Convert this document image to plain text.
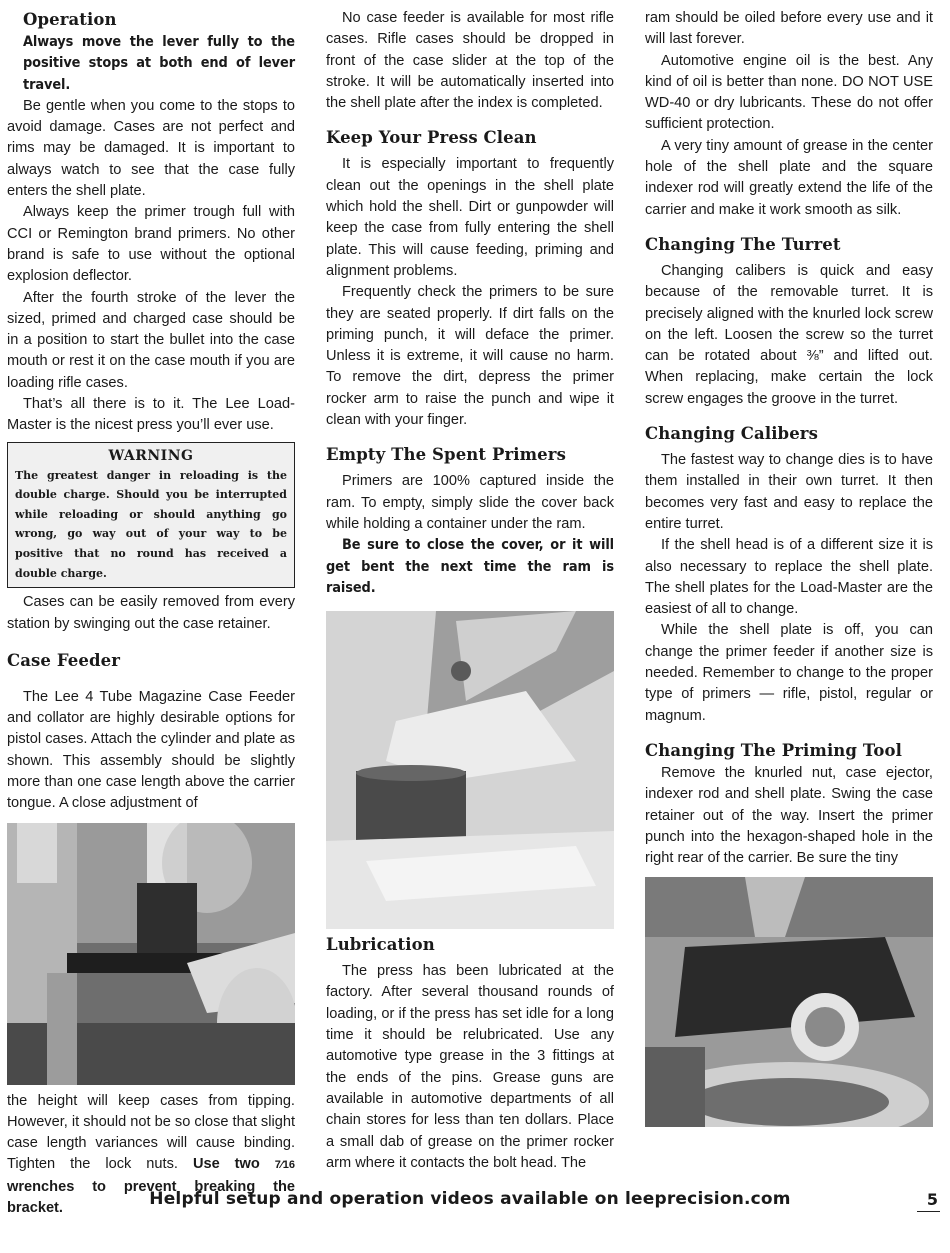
Operation

Always move the lever fully to the positive stops at both end of lever travel.

Be gentle when you come to the stops to avoid damage. Cases are not perfect and rims may be damaged. It is important to always watch to see that the case fully enters the shell plate.

Always keep the primer trough full with CCI or Remington brand primers. No other brand is safe to use without the optional explosion deflector.

After the fourth stroke of the lever the sized, primed and charged case should be in a position to start the bullet into the case mouth or rest it on the case mouth if you are loading rifle cases.

That’s all there is to it. The Lee Load-Master is the nicest press you’ll ever use.

WARNING

The greatest danger in reloading is the double charge. Should you be interrupted while reloading or should anything go wrong, go way out of your way to be positive that no round has received a double charge.

Cases can be easily removed from every station by swinging out the case retainer.

Case Feeder

The Lee 4 Tube Magazine Case Feeder and collator are highly desirable options for pistol cases. Attach the cylinder and plate as shown. This assembly should be slightly more than one case length above the carrier tongue. A close adjustment of

the height will keep cases from tipping. However, it should not be so close that slight case length variances will cause binding. Tighten the lock nuts. Use two 7⁄16 wrenches to prevent breaking the bracket.

No case feeder is available for most rifle cases. Rifle cases should be dropped in front of the case slider at the top of the stroke. It will be automatically inserted into the shell plate after the index is completed.

Keep Your Press Clean

It is especially important to frequently clean out the openings in the shell plate which hold the shell. Dirt or gunpowder will keep the case from fully entering the shell plate. This will cause feeding, priming and alignment problems.

Frequently check the primers to be sure they are seated properly. If dirt falls on the priming punch, it will deface the primer. Unless it is extreme, it will cause no harm. To remove the dirt, depress the primer rocker arm to raise the punch and wipe it clean with your finger.

Empty The Spent Primers

Primers are 100% captured inside the ram. To empty, simply slide the cover back while holding a container under the ram.

Be sure to close the cover, or it will get bent the next time the ram is raised.

Lubrication

The press has been lubricated at the factory. After several thousand rounds of loading, or if the press has set idle for a long time it should be relubricated. Use any automotive type grease in the 3 fittings at the ends of the pins. Grease guns are available in automotive departments of all chain stores for less than ten dollars. Place a small dab of grease on the primer rocker arm where it contacts the bolt head. The

ram should be oiled before every use and it will last forever.

Automotive engine oil is the best. Any kind of oil is better than none. DO NOT USE WD-40 or dry lubricants. These do not offer sufficient protection.

A very tiny amount of grease in the center hole of the shell plate and the square indexer rod will greatly extend the life of the carrier and make it work smooth as silk.

Changing The Turret

Changing calibers is quick and easy because of the removable turret. It is precisely aligned with the knurled lock screw on the left. Loosen the screw so the turret can be rotated about ⅜” and lifted out. When replacing, make certain the lock screw engages the groove in the turret.

Changing Calibers

The fastest way to change dies is to have them installed in their own turret. It then becomes very fast and easy to replace the entire turret.

If the shell head is of a different size it is also necessary to replace the shell plate. The shell plates for the Load-Master are the easiest of all to change.

While the shell plate is off, you can change the primer feeder if another size is needed. Remember to change to the proper type of primers — rifle, pistol, regular or magnum.

Changing The Priming Tool

Remove the knurled nut, case ejector, indexer rod and shell plate. Swing the case retainer out of the way. Insert the primer punch into the hexagon-shaped hole in the right rear of the carrier. Be sure the tiny

Helpful setup and operation videos available on leeprecision.com	5
